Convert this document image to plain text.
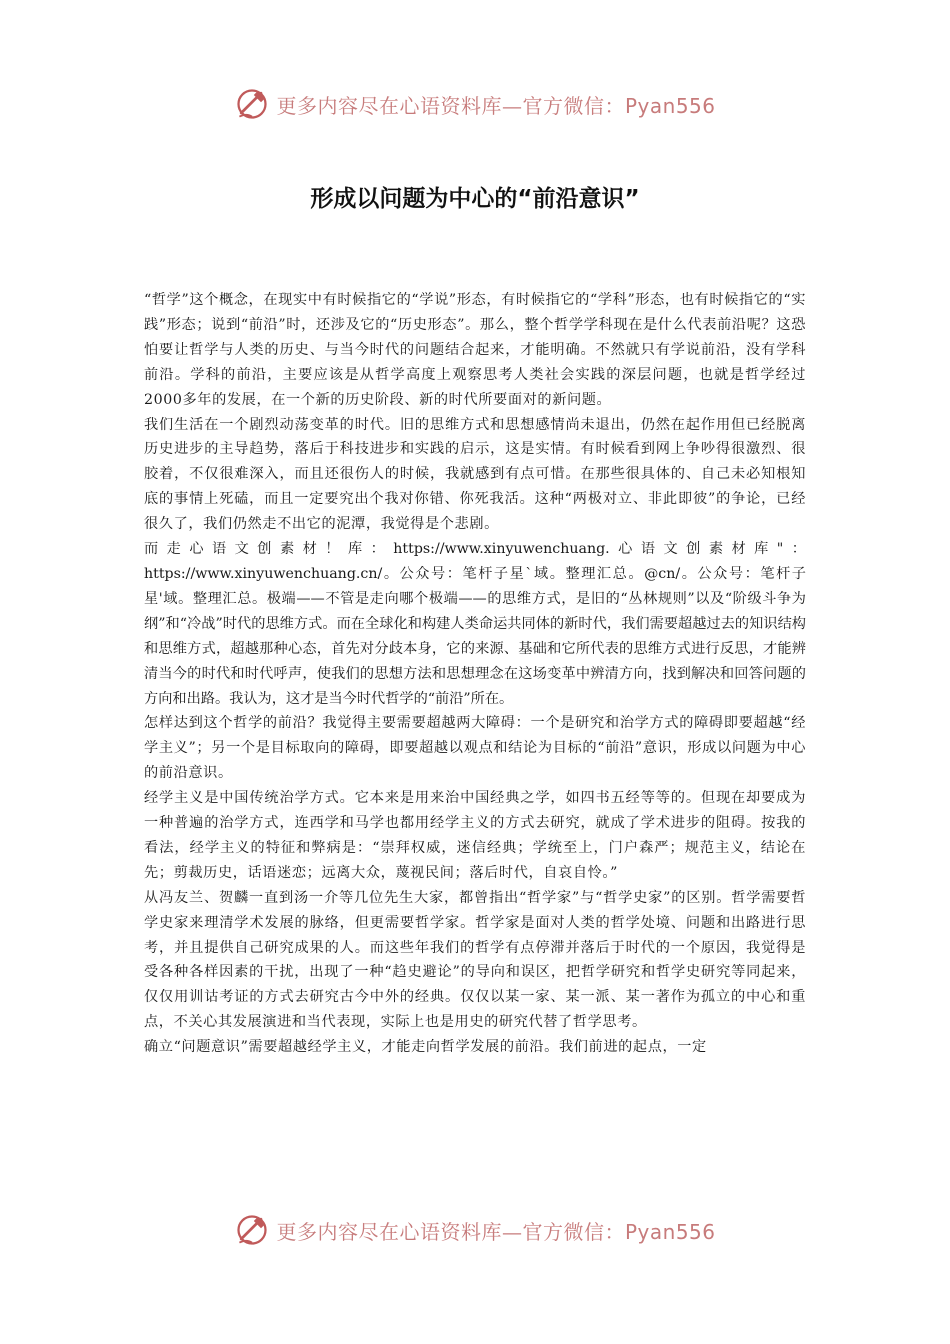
更多内容尽在心语资料库—官方微信：Pyan556
形成以问题为中心的“前沿意识”

“哲学”这个概念，在现实中有时候指它的“学说”形态，有时候指它的“学科”形态，也有时候指它的“实践”形态；说到“前沿”时，还涉及它的“历史形态”。那么，整个哲学学科现在是什么代表前沿呢？这恐怕要让哲学与人类的历史、与当今时代的问题结合起来，才能明确。不然就只有学说前沿，没有学科前沿。学科的前沿，主要应该是从哲学高度上观察思考人类社会实践的深层问题，也就是哲学经过2000多年的发展，在一个新的历史阶段、新的时代所要面对的新问题。

我们生活在一个剧烈动荡变革的时代。旧的思维方式和思想感情尚未退出，仍然在起作用但已经脱离历史进步的主导趋势，落后于科技进步和实践的启示，这是实情。有时候看到网上争吵得很激烈、很胶着，不仅很难深入，而且还很伤人的时候，我就感到有点可惜。在那些很具体的、自己未必知根知底的事情上死磕，而且一定要究出个我对你错、你死我活。这种“两极对立、非此即彼”的争论，已经很久了，我们仍然走不出它的泥潭，我觉得是个悲剧。

而走心语文创素材！库：https://www.xinyuwenchuang.心语文创素材库"：https://www.xinyuwenchuang.cn/。公众号：笔杆子星`域。整理汇总。@cn/。公众号：笔杆子星'域。整理汇总。极端——不管是走向哪个极端——的思维方式，是旧的“丛林规则”以及“阶级斗争为纲”和“冷战”时代的思维方式。而在全球化和构建人类命运共同体的新时代，我们需要超越过去的知识结构和思维方式，超越那种心态，首先对分歧本身，它的来源、基础和它所代表的思维方式进行反思，才能辨清当今的时代和时代呼声，使我们的思想方法和思想理念在这场变革中辨清方向，找到解决和回答问题的方向和出路。我认为，这才是当今时代哲学的“前沿”所在。

怎样达到这个哲学的前沿？我觉得主要需要超越两大障碍：一个是研究和治学方式的障碍即要超越“经学主义”；另一个是目标取向的障碍，即要超越以观点和结论为目标的“前沿”意识，形成以问题为中心的前沿意识。

经学主义是中国传统治学方式。它本来是用来治中国经典之学，如四书五经等等的。但现在却要成为一种普遍的治学方式，连西学和马学也都用经学主义的方式去研究，就成了学术进步的阻碍。按我的看法，经学主义的特征和弊病是：“崇拜权威，迷信经典；学统至上，门户森严；规范主义，结论在先；剪裁历史，话语迷恋；远离大众，蔑视民间；落后时代，自哀自怜。”

从冯友兰、贺麟一直到汤一介等几位先生大家，都曾指出“哲学家”与“哲学史家”的区别。哲学需要哲学史家来理清学术发展的脉络，但更需要哲学家。哲学家是面对人类的哲学处境、问题和出路进行思考，并且提供自己研究成果的人。而这些年我们的哲学有点停滞并落后于时代的一个原因，我觉得是受各种各样因素的干扰，出现了一种“趋史避论”的导向和误区，把哲学研究和哲学史研究等同起来，仅仅用训诂考证的方式去研究古今中外的经典。仅仅以某一家、某一派、某一著作为孤立的中心和重点，不关心其发展演进和当代表现，实际上也是用史的研究代替了哲学思考。

确立“问题意识”需要超越经学主义，才能走向哲学发展的前沿。我们前进的起点，一定

更多内容尽在心语资料库—官方微信：Pyan556
